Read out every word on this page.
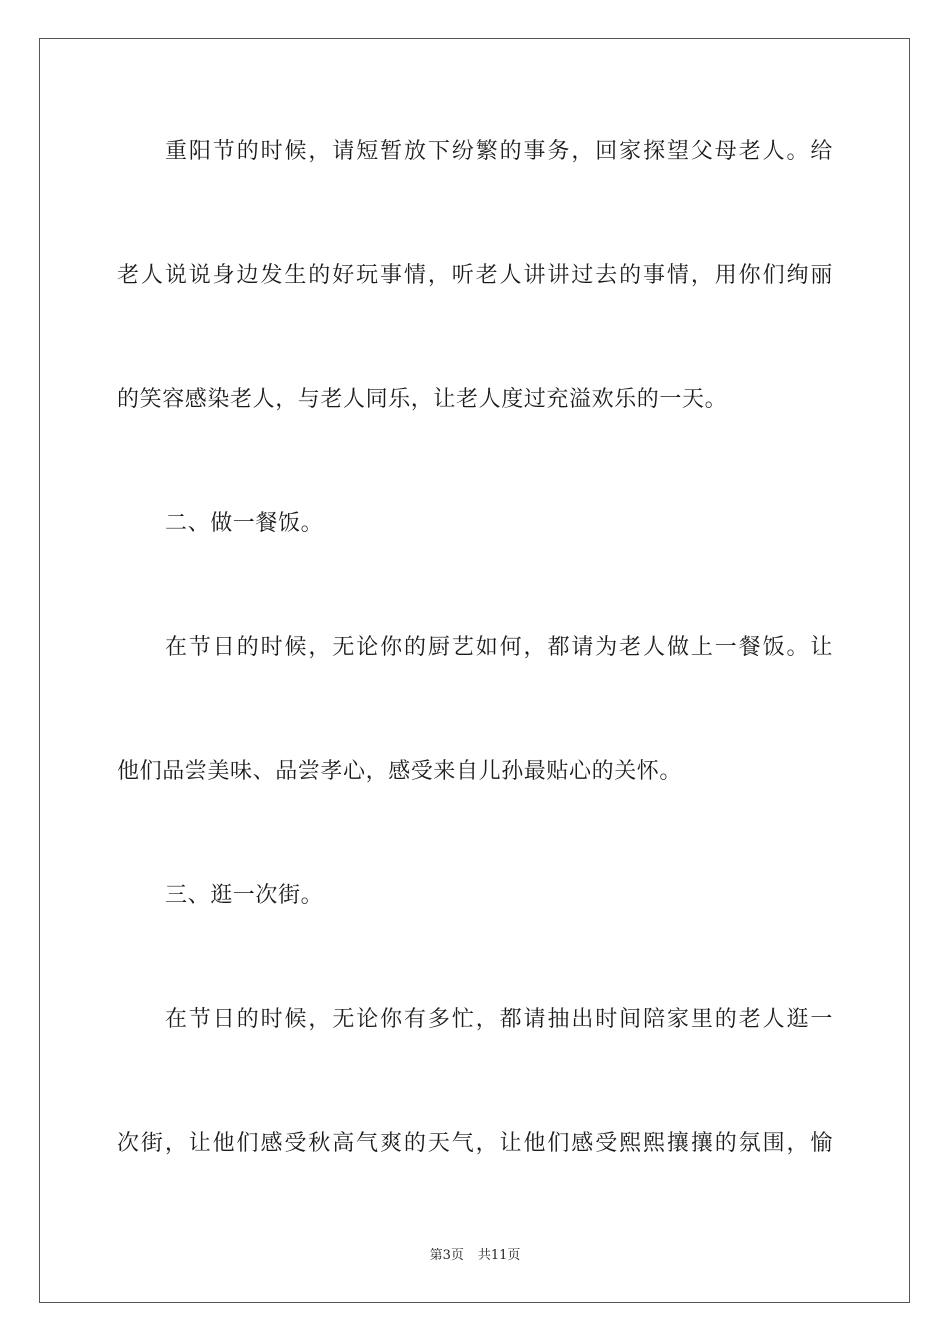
重阳节的时候，请短暂放下纷繁的事务，回家探望父母老人。给
老人说说身边发生的好玩事情，听老人讲讲过去的事情，用你们绚丽
的笑容感染老人，与老人同乐，让老人度过充溢欢乐的一天。
二、做一餐饭。
在节日的时候，无论你的厨艺如何，都请为老人做上一餐饭。让
他们品尝美味、品尝孝心，感受来自儿孙最贴心的关怀。
三、逛一次街。
在节日的时候，无论你有多忙，都请抽出时间陪家里的老人逛一
次街，让他们感受秋高气爽的天气，让他们感受熙熙攘攘的氛围，愉
第3页 共11页
